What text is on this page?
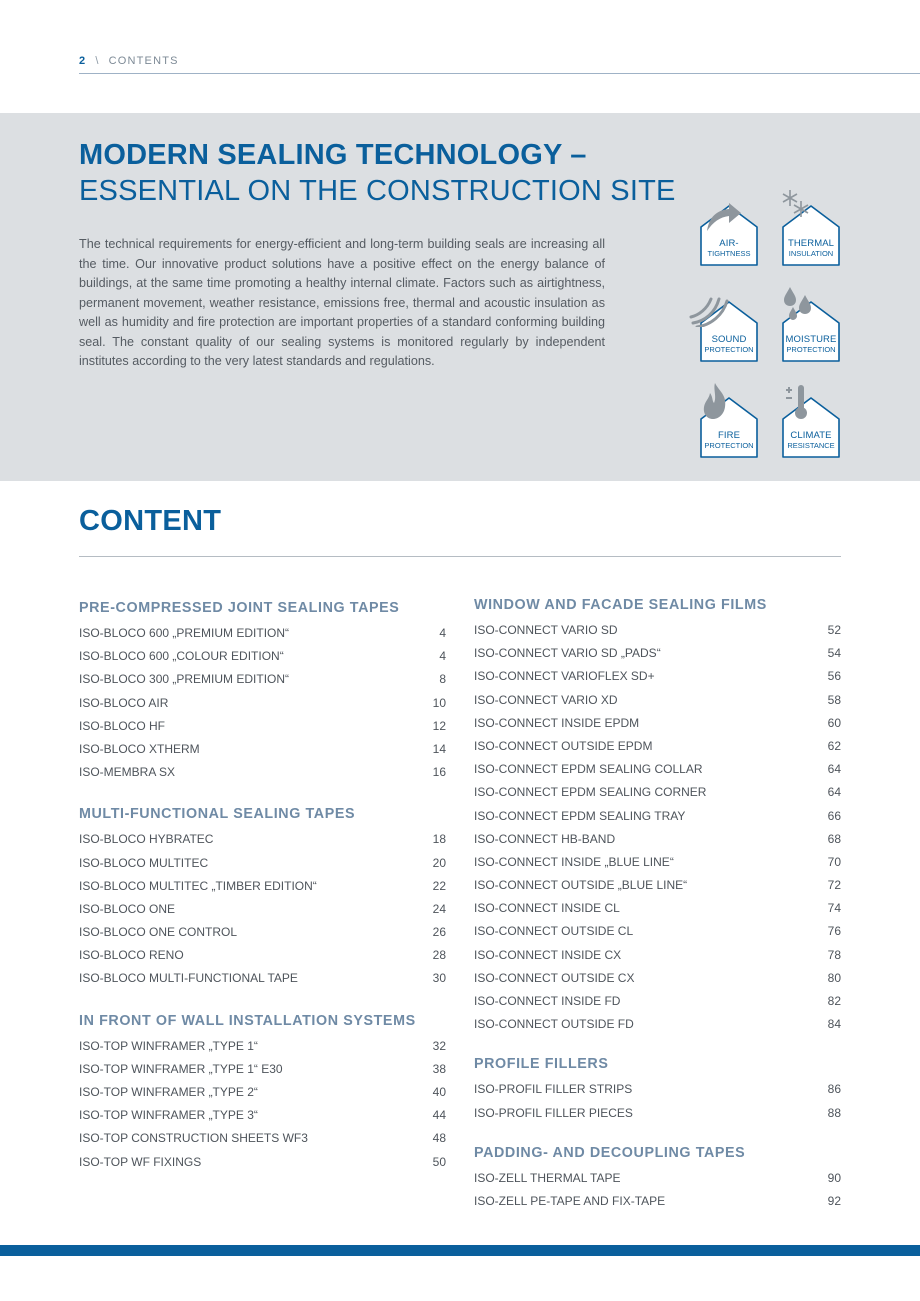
2 \ CONTENTS
MODERN SEALING TECHNOLOGY –
ESSENTIAL ON THE CONSTRUCTION SITE
The technical requirements for energy-efficient and long-term building seals are increasing all the time. Our innovative product solutions have a positive effect on the energy balance of buildings, at the same time promoting a healthy internal climate. Factors such as airtightness, permanent movement, weather resistance, emissions free, thermal and acoustic insulation as well as humidity and fire protection are important properties of a standard conforming building seal. The constant quality of our sealing systems is monitored regularly by independent institutes according to the very latest standards and regulations.
AIR-
TIGHTNESS
THERMAL
INSULATION
SOUND
PROTECTION
MOISTURE
PROTECTION
FIRE
PROTECTION
CLIMATE
RESISTANCE
CONTENT
PRE-COMPRESSED JOINT SEALING TAPES
ISO-BLOCO 600 „PREMIUM EDITION“	4
ISO-BLOCO 600 „COLOUR EDITION“	4
ISO-BLOCO 300 „PREMIUM EDITION“	8
ISO-BLOCO AIR	10
ISO-BLOCO HF	12
ISO-BLOCO XTHERM	14
ISO-MEMBRA SX	16
MULTI-FUNCTIONAL SEALING TAPES
ISO-BLOCO HYBRATEC	18
ISO-BLOCO MULTITEC	20
ISO-BLOCO MULTITEC „TIMBER EDITION“	22
ISO-BLOCO ONE	24
ISO-BLOCO ONE CONTROL	26
ISO-BLOCO RENO	28
ISO-BLOCO MULTI-FUNCTIONAL TAPE	30
IN FRONT OF WALL INSTALLATION SYSTEMS
ISO-TOP WINFRAMER „TYPE 1“	32
ISO-TOP WINFRAMER „TYPE 1“ E30	38
ISO-TOP WINFRAMER „TYPE 2“	40
ISO-TOP WINFRAMER „TYPE 3“	44
ISO-TOP CONSTRUCTION SHEETS WF3	48
ISO-TOP WF FIXINGS	50
WINDOW AND FACADE SEALING FILMS
ISO-CONNECT VARIO SD	52
ISO-CONNECT VARIO SD „PADS“	54
ISO-CONNECT VARIOFLEX SD+	56
ISO-CONNECT VARIO XD	58
ISO-CONNECT INSIDE EPDM	60
ISO-CONNECT OUTSIDE EPDM	62
ISO-CONNECT EPDM SEALING COLLAR	64
ISO-CONNECT EPDM SEALING CORNER	64
ISO-CONNECT EPDM SEALING TRAY	66
ISO-CONNECT HB-BAND	68
ISO-CONNECT INSIDE „BLUE LINE“	70
ISO-CONNECT OUTSIDE „BLUE LINE“	72
ISO-CONNECT INSIDE CL	74
ISO-CONNECT OUTSIDE CL	76
ISO-CONNECT INSIDE CX	78
ISO-CONNECT OUTSIDE CX	80
ISO-CONNECT INSIDE FD	82
ISO-CONNECT OUTSIDE FD	84
PROFILE FILLERS
ISO-PROFIL FILLER STRIPS	86
ISO-PROFIL FILLER PIECES	88
PADDING- AND DECOUPLING TAPES
ISO-ZELL THERMAL TAPE	90
ISO-ZELL PE-TAPE AND FIX-TAPE	92
